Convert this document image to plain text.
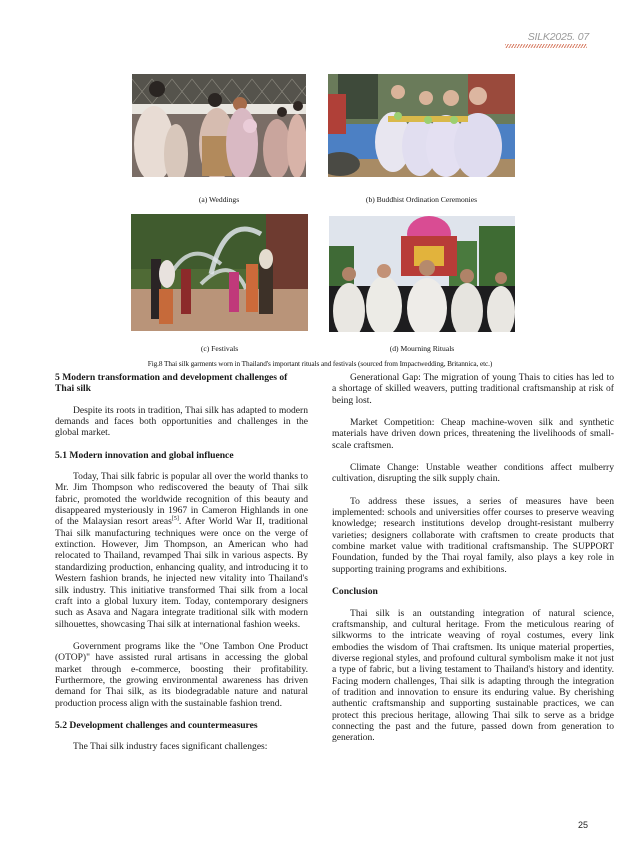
SILK2025. 07
(a) Weddings	(b) Buddhist Ordination Ceremonies
(c) Festivals	(d) Mourning Rituals
Fig.8 Thai silk garments worn in Thailand's important rituals and festivals (sourced from Impactwedding, Britannica, etc.)
5 Modern transformation and development challenges of Thai silk

Despite its roots in tradition, Thai silk has adapted to modern demands and faces both opportunities and challenges in the global market.

5.1 Modern innovation and global influence

Today, Thai silk fabric is popular all over the world thanks to Mr. Jim Thompson who rediscovered the beauty of Thai silk fabric, promoted the worldwide recognition of this beauty and disappeared mysteriously in 1967 in Cameron Highlands in one of the Malaysian resort areas[5]. After World War II, traditional Thai silk manufacturing techniques were once on the verge of extinction. However, Jim Thompson, an American who had relocated to Thailand, revamped Thai silk in various aspects. By standardizing production, enhancing quality, and introducing it to Western fashion brands, he injected new vitality into Thailand's silk industry. This initiative transformed Thai silk from a local craft into a global luxury item. Today, contemporary designers such as Asava and Nagara integrate traditional silk with modern silhouettes, showcasing Thai silk at international fashion weeks.

Government programs like the "One Tambon One Product (OTOP)" have assisted rural artisans in accessing the global market through e-commerce, boosting their profitability. Furthermore, the growing environmental awareness has driven demand for Thai silk, as its biodegradable nature and natural production process align with the sustainable fashion trend.

5.2 Development challenges and countermeasures

The Thai silk industry faces significant challenges:

Generational Gap: The migration of young Thais to cities has led to a shortage of skilled weavers, putting traditional craftsmanship at risk of being lost.

Market Competition: Cheap machine-woven silk and synthetic materials have driven down prices, threatening the livelihoods of small-scale craftsmen.

Climate Change: Unstable weather conditions affect mulberry cultivation, disrupting the silk supply chain.

To address these issues, a series of measures have been implemented: schools and universities offer courses to preserve weaving knowledge; research institutions develop drought-resistant mulberry varieties; designers collaborate with craftsmen to create products that combine market value with traditional craftsmanship. The SUPPORT Foundation, funded by the Thai royal family, also plays a key role in supporting training programs and exhibitions.

Conclusion

Thai silk is an outstanding integration of natural science, craftsmanship, and cultural heritage. From the meticulous rearing of silkworms to the intricate weaving of royal costumes, every link embodies the wisdom of Thai craftsmen. Its unique material properties, diverse regional styles, and profound cultural symbolism make it not just a type of fabric, but a living testament to Thailand's history and identity. Facing modern challenges, Thai silk is adapting through the integration of tradition and innovation to ensure its enduring value. By cherishing authentic craftsmanship and supporting sustainable practices, we can protect this precious heritage, allowing Thai silk to serve as a bridge connecting the past and the future, passed down from generation to generation.

25
